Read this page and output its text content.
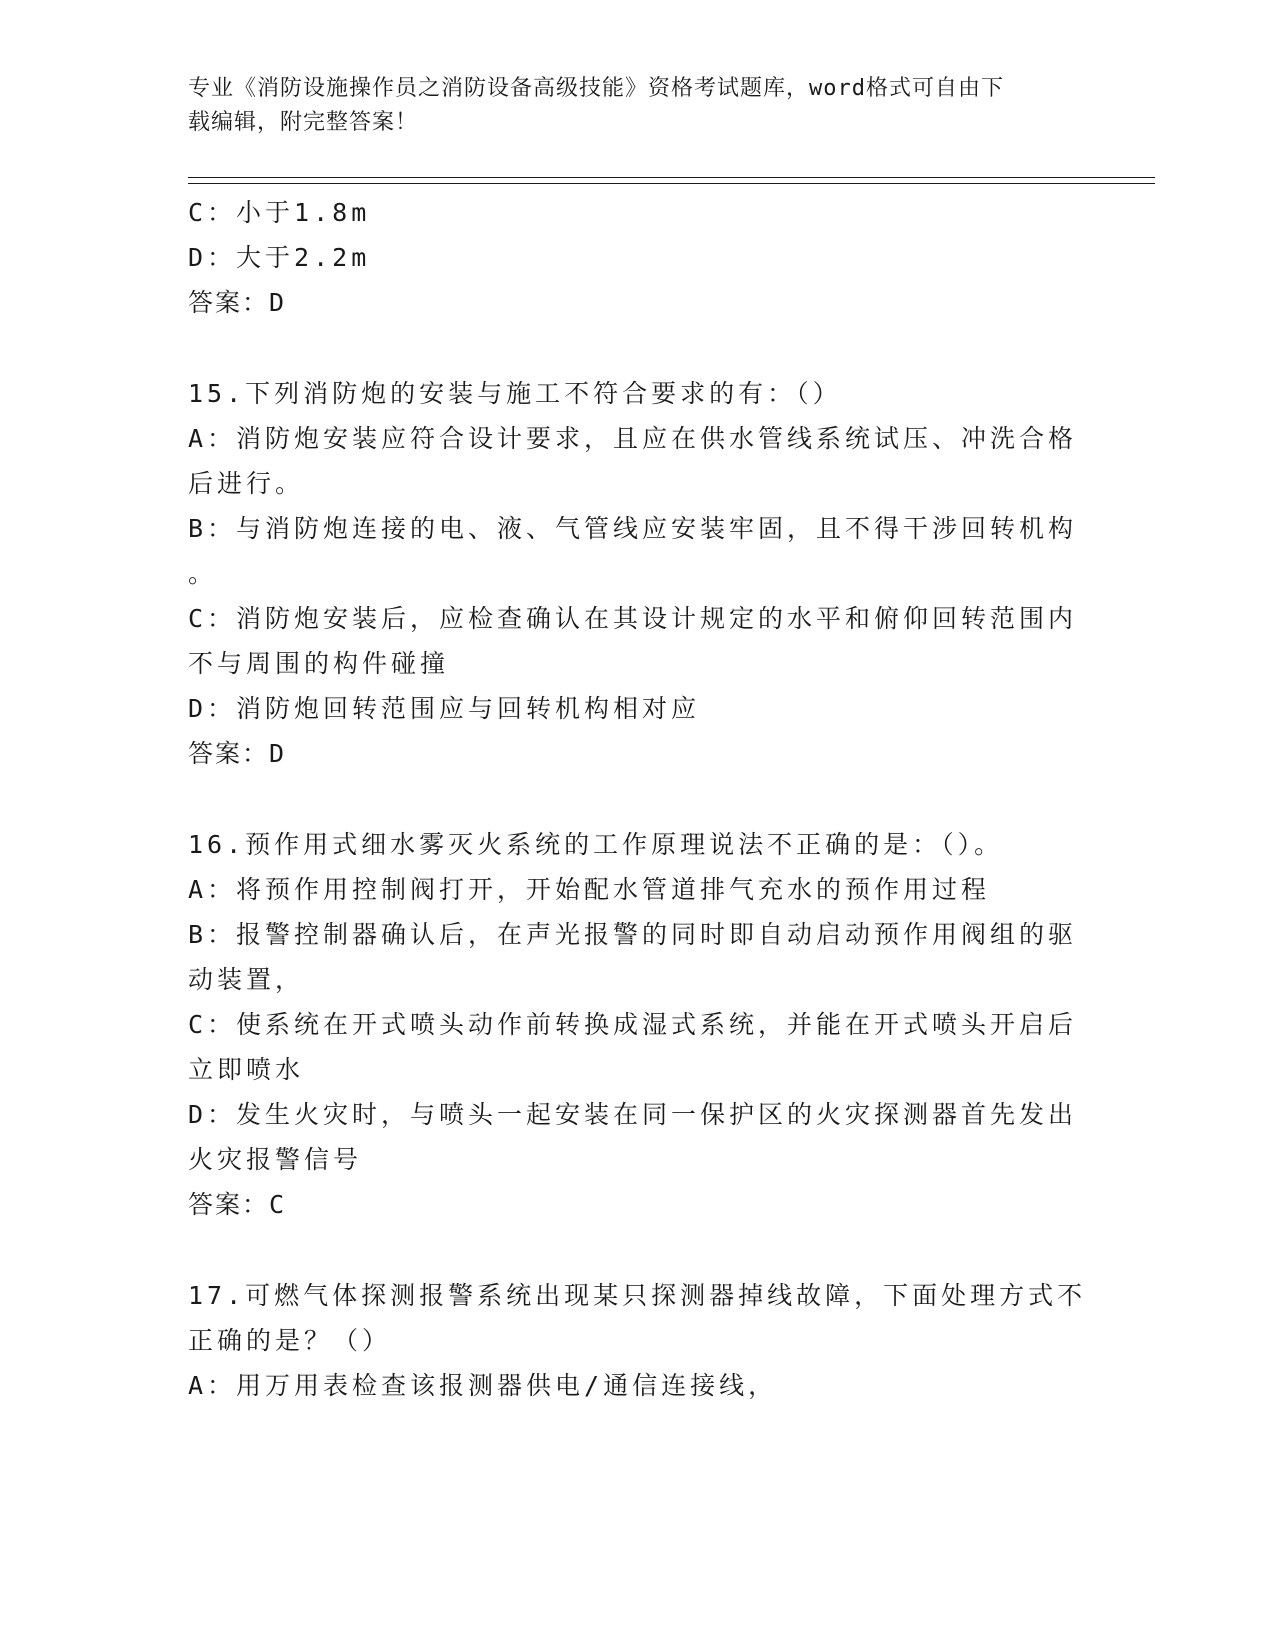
专业《消防设施操作员之消防设备高级技能》资格考试题库，word格式可自由下
载编辑，附完整答案！
C：小于1.8m
D：大于2.2m
答案：D
15.下列消防炮的安装与施工不符合要求的有：（）
A：消防炮安装应符合设计要求，且应在供水管线系统试压、冲洗合格
后进行。
B：与消防炮连接的电、液、气管线应安装牢固，且不得干涉回转机构
。
C：消防炮安装后，应检查确认在其设计规定的水平和俯仰回转范围内
不与周围的构件碰撞
D：消防炮回转范围应与回转机构相对应
答案：D
16.预作用式细水雾灭火系统的工作原理说法不正确的是：（）。
A：将预作用控制阀打开，开始配水管道排气充水的预作用过程
B：报警控制器确认后，在声光报警的同时即自动启动预作用阀组的驱
动装置，
C：使系统在开式喷头动作前转换成湿式系统，并能在开式喷头开启后
立即喷水
D：发生火灾时，与喷头一起安装在同一保护区的火灾探测器首先发出
火灾报警信号
答案：C
17.可燃气体探测报警系统出现某只探测器掉线故障，下面处理方式不
正确的是？（）
A：用万用表检查该报测器供电/通信连接线，
